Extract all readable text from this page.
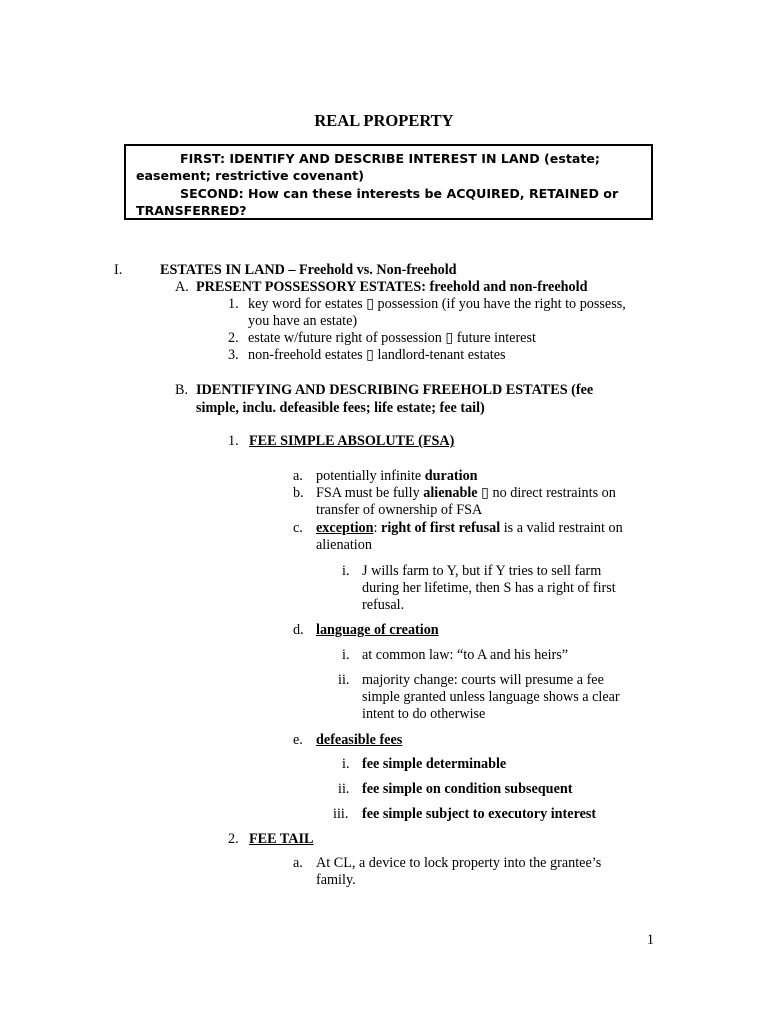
REAL PROPERTY
FIRST: IDENTIFY AND DESCRIBE INTEREST IN LAND (estate;
easement; restrictive covenant)
SECOND: How can these interests be ACQUIRED, RETAINED or
TRANSFERRED?
I.	ESTATES IN LAND – Freehold vs. Non-freehold
A. PRESENT POSSESSORY ESTATES: freehold and non-freehold
1. key word for estates ▯ possession (if you have the right to possess,
you have an estate)
2. estate w/future right of possession ▯ future interest
3. non-freehold estates ▯ landlord-tenant estates
B. IDENTIFYING AND DESCRIBING FREEHOLD ESTATES (fee
simple, inclu. defeasible fees; life estate; fee tail)
1. FEE SIMPLE ABSOLUTE (FSA)
a. potentially infinite duration
b. FSA must be fully alienable ▯ no direct restraints on
transfer of ownership of FSA
c. exception: right of first refusal is a valid restraint on
alienation
i. J wills farm to Y, but if Y tries to sell farm
during her lifetime, then S has a right of first
refusal.
d. language of creation
i. at common law: “to A and his heirs”
ii. majority change: courts will presume a fee
simple granted unless language shows a clear
intent to do otherwise
e. defeasible fees
i. fee simple determinable
ii. fee simple on condition subsequent
iii. fee simple subject to executory interest
2. FEE TAIL
a. At CL, a device to lock property into the grantee’s
family.
1
